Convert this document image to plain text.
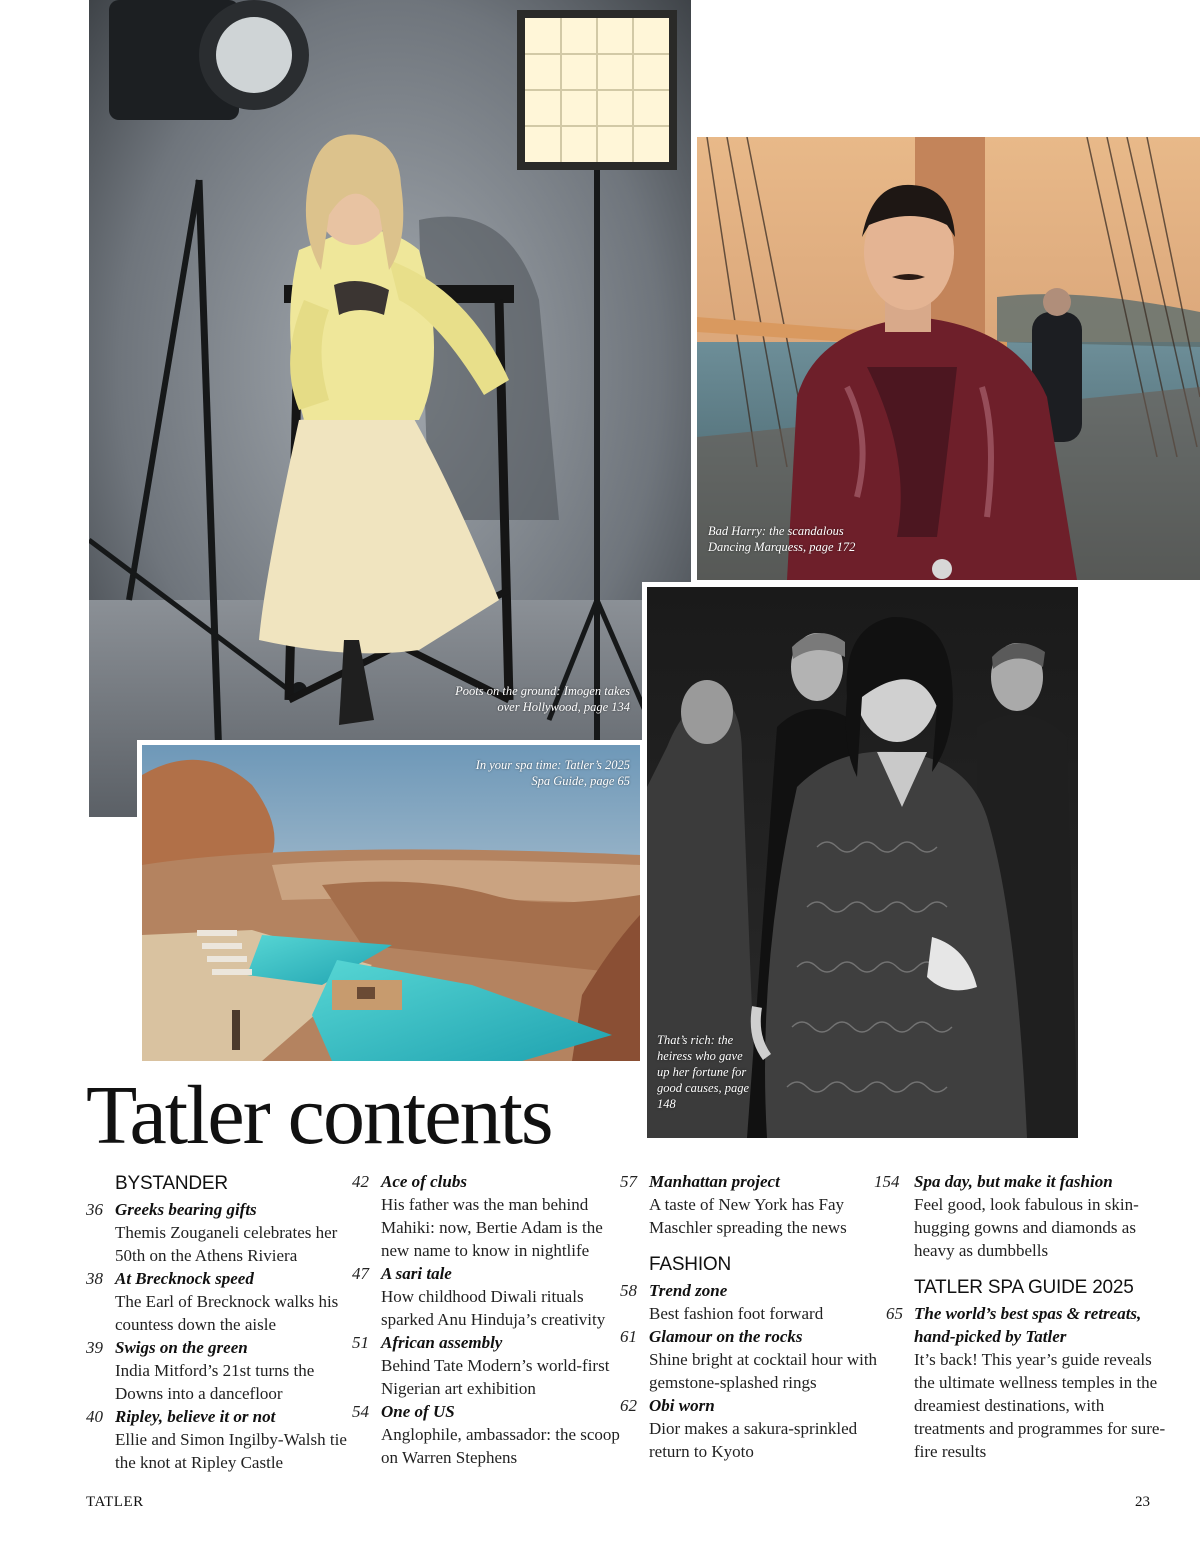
Poots on the ground: Imogen takes over Hollywood, page 134
Bad Harry: the scandalous Dancing Marquess, page 172
In your spa time: Tatler’s 2025 Spa Guide, page 65
That’s rich: the heiress who gave up her fortune for good causes, page 148
Tatler contents
BYSTANDER
36 Greeks bearing gifts
Themis Zouganeli celebrates her 50th on the Athens Riviera
38 At Brecknock speed
The Earl of Brecknock walks his countess down the aisle
39 Swigs on the green
India Mitford’s 21st turns the Downs into a dancefloor
40 Ripley, believe it or not
Ellie and Simon Ingilby-Walsh tie the knot at Ripley Castle
42 Ace of clubs
His father was the man behind Mahiki: now, Bertie Adam is the new name to know in nightlife
47 A sari tale
How childhood Diwali rituals sparked Anu Hinduja’s creativity
51 African assembly
Behind Tate Modern’s world-first Nigerian art exhibition
54 One of US
Anglophile, ambassador: the scoop on Warren Stephens
57 Manhattan project
A taste of New York has Fay Maschler spreading the news
FASHION
58 Trend zone
Best fashion foot forward
61 Glamour on the rocks
Shine bright at cocktail hour with gemstone-splashed rings
62 Obi worn
Dior makes a sakura-sprinkled return to Kyoto
154 Spa day, but make it fashion
Feel good, look fabulous in skin-hugging gowns and diamonds as heavy as dumbbells
TATLER SPA GUIDE 2025
65 The world’s best spas & retreats, hand-picked by Tatler
It’s back! This year’s guide reveals the ultimate wellness temples in the dreamiest destinations, with treatments and programmes for sure-fire results
TATLER	23
